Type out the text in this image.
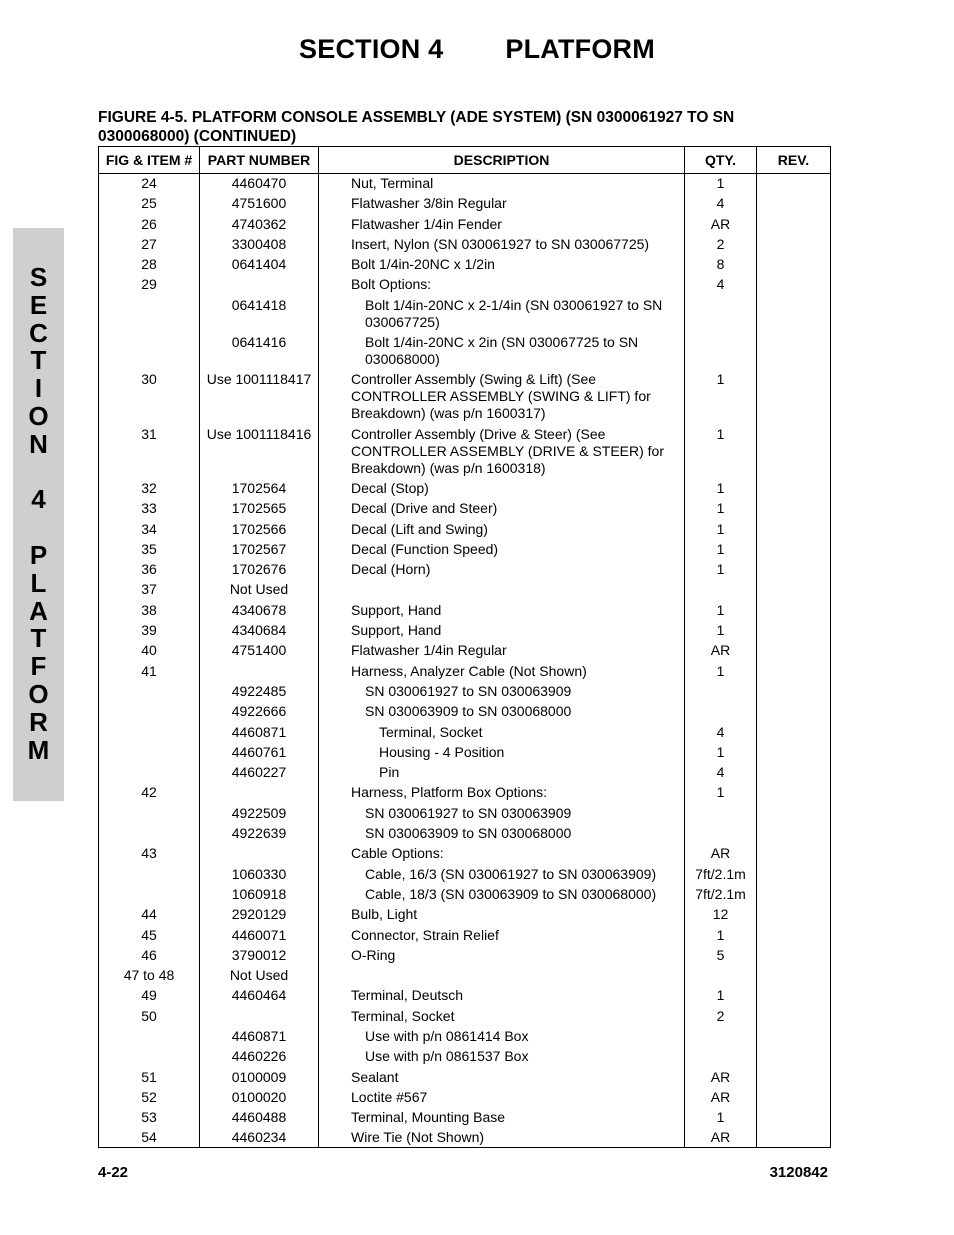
SECTION 4 PLATFORM
S
E
C
T
I
O
N
4
P
L
A
T
F
O
R
M
FIGURE 4-5. PLATFORM CONSOLE ASSEMBLY (ADE SYSTEM) (SN 0300061927 TO SN 0300068000) (CONTINUED)
FIG & ITEM #	PART NUMBER	DESCRIPTION	QTY.	REV.
24	4460470	Nut, Terminal	1	
25	4751600	Flatwasher 3/8in Regular	4	
26	4740362	Flatwasher 1/4in Fender	AR	
27	3300408	Insert, Nylon (SN 030061927 to SN 030067725)	2	
28	0641404	Bolt 1/4in-20NC x 1/2in	8	
29		Bolt Options:	4	
	0641418	Bolt 1/4in-20NC x 2-1/4in (SN 030061927 to SN 030067725)		

	0641416	Bolt 1/4in-20NC x 2in (SN 030067725 to SN 030068000)		

30	Use 1001118417	Controller Assembly (Swing & Lift) (See CONTROLLER ASSEMBLY (SWING & LIFT) for Breakdown) (was p/n 1600317)	1	
31	Use 1001118416	Controller Assembly (Drive & Steer) (See CONTROLLER ASSEMBLY (DRIVE & STEER) for Breakdown) (was p/n 1600318)	1	
32	1702564	Decal (Stop)	1	
33	1702565	Decal (Drive and Steer)	1	
34	1702566	Decal (Lift and Swing)	1	
35	1702567	Decal (Function Speed)	1	
36	1702676	Decal (Horn)	1	
37	Not Used	

38	4340678	Support, Hand	1	
39	4340684	Support, Hand	1	
40	4751400	Flatwasher 1/4in Regular	AR	
41		Harness, Analyzer Cable (Not Shown)	1	
	4922485	SN 030061927 to SN 030063909		

	4922666	SN 030063909 to SN 030068000		

	4460871	Terminal, Socket	4	
	4460761	Housing - 4 Position	1	
	4460227	Pin	4	
42		Harness, Platform Box Options:	1	
	4922509	SN 030061927 to SN 030063909		

	4922639	SN 030063909 to SN 030068000		

43		Cable Options:	AR	
	1060330	Cable, 16/3 (SN 030061927 to SN 030063909)	7ft/2.1m	
	1060918	Cable, 18/3 (SN 030063909 to SN 030068000)	7ft/2.1m	
44	2920129	Bulb, Light	12	
45	4460071	Connector, Strain Relief	1	
46	3790012	O-Ring	5	
47 to 48	Not Used	

49	4460464	Terminal, Deutsch	1	
50		Terminal, Socket	2	
	4460871	Use with p/n 0861414 Box		

	4460226	Use with p/n 0861537 Box		

51	0100009	Sealant	AR	
52	0100020	Loctite #567	AR	
53	4460488	Terminal, Mounting Base	1	
54	4460234	Wire Tie (Not Shown)	AR	
4-22	3120842
